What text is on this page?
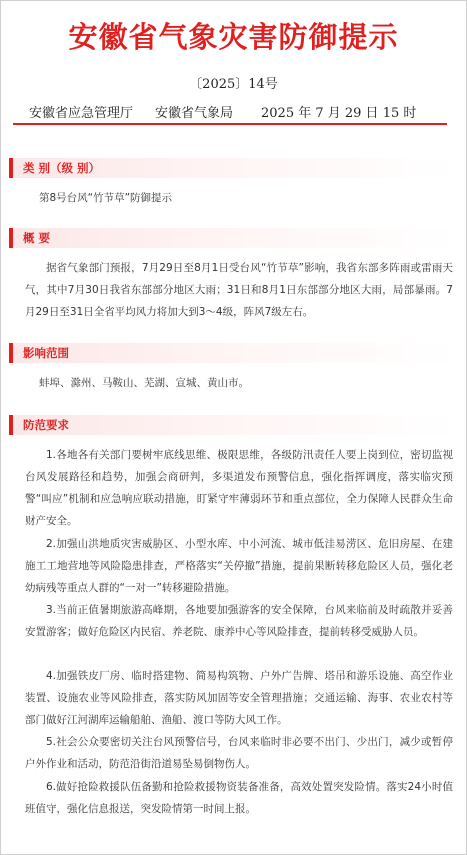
安徽省气象灾害防御提示
〔2025〕14号
安徽省应急管理厅 安徽省气象局 2025 年 7 月 29 日 15 时
类 别（级 别）
第8号台风“竹节草”防御提示
概 要
据省气象部门预报，7月29日至8月1日受台风“竹节草”影响，我省东部多阵雨或雷雨天气，其中7月30日我省东部部分地区大雨；31日和8月1日东部部分地区大雨，局部暴雨。7月29日至31日全省平均风力将加大到3～4级，阵风7级左右。
影响范围
蚌埠、滁州、马鞍山、芜湖、宣城、黄山市。
防范要求
1.各地各有关部门要树牢底线思维、极限思维，各级防汛责任人要上岗到位，密切监视台风发展路径和趋势，加强会商研判，多渠道发布预警信息，强化指挥调度，落实临灾预警“叫应”机制和应急响应联动措施，盯紧守牢薄弱环节和重点部位，全力保障人民群众生命财产安全。
2.加强山洪地质灾害威胁区、小型水库、中小河流、城市低洼易涝区、危旧房屋、在建施工工地营地等风险隐患排查，严格落实“关停撤”措施，提前果断转移危险区人员，强化老幼病残等重点人群的“一对一”转移避险措施。
3.当前正值暑期旅游高峰期，各地要加强游客的安全保障，台风来临前及时疏散并妥善安置游客；做好危险区内民宿、养老院、康养中心等风险排查，提前转移受威胁人员。
4.加强铁皮厂房、临时搭建物、简易构筑物、户外广告牌、塔吊和游乐设施、高空作业装置、设施农业等风险排查，落实防风加固等安全管理措施；交通运输、海事、农业农村等部门做好江河湖库运输船舶、渔船、渡口等防大风工作。
5.社会公众要密切关注台风预警信号，台风来临时非必要不出门、少出门，减少或暂停户外作业和活动，防范沿街沿道易坠易倒物伤人。
6.做好抢险救援队伍备勤和抢险救援物资装备准备，高效处置突发险情。落实24小时值班值守，强化信息报送，突发险情第一时间上报。
